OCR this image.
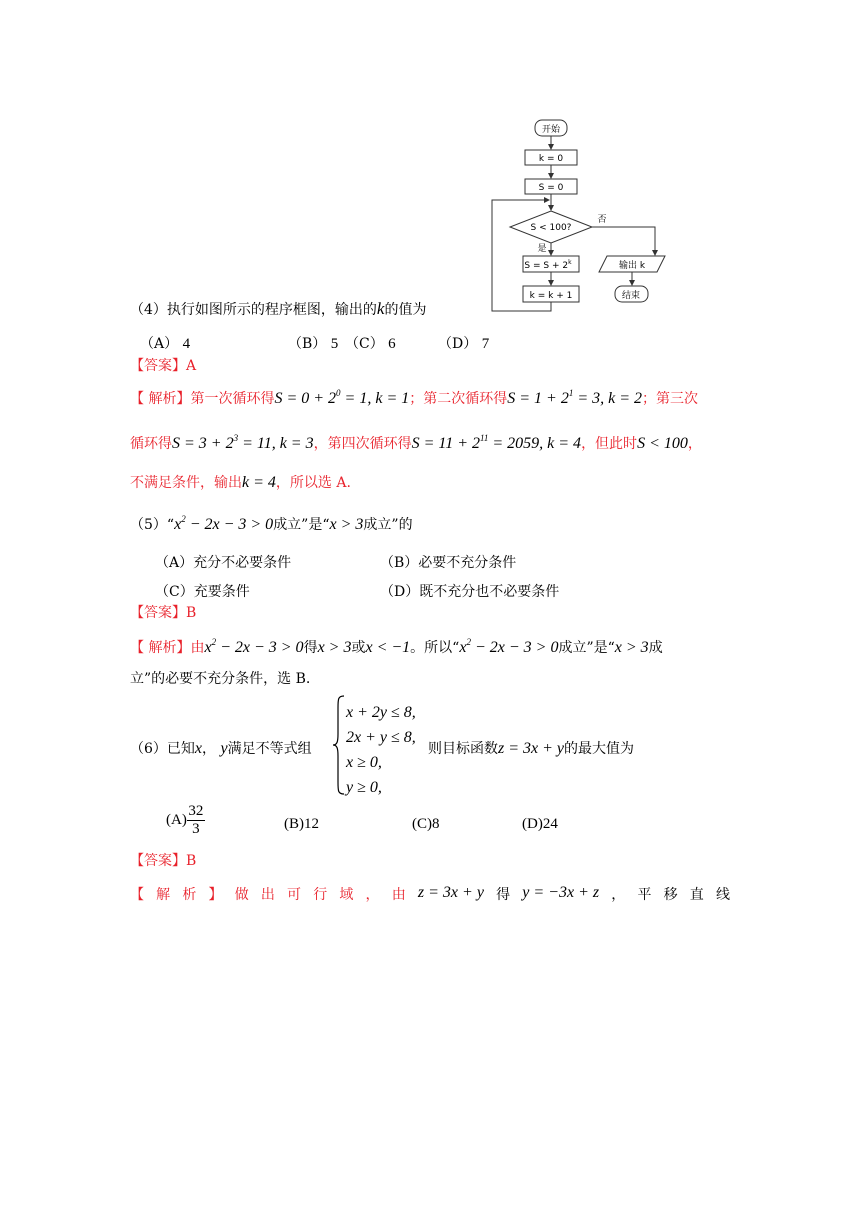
开始
k = 0
S = 0
S < 100?
否
是
$S = S + 2^k$
k = k + 1
输出 k
结束
（4）执行如图所示的程序框图，输出的k的值为
（A） 4	（B） 5 （C） 6	（D） 7
【答案】A
【 解析】第一次循环得$S = 0 + 2^0 = 1$, k = 1；第二次循环得$S = 1 + 2^1 = 3$, k = 2；第三次
循环得$S = 3 + 2^3 = 11$, k = 3，第四次循环得$S = 11 + 2^{11} = 2059$, k = 4，但此时S < 100，
不满足条件，输出k = 4，所以选 A.
$(5)“x^2 - 2x - 3 > 0$成立”是“x > 3成立”的
（A）充分不必要条件	（B）必要不充分条件
（C）充要条件	（D）既不充分也不必要条件
【答案】B
【 解析】由$x^2 - 2x - 3 > 0$得x > 3或x < −1。所以“$x^2 - 2x - 3 > 0$成立”是“x > 3成
立”的必要不充分条件，选 B.
（6）已知x， y满足不等式组
x + 2y ≤ 8,
2x + y ≤ 8,
x ≥ 0,
y ≥ 0,
则目标函数z = 3x + y的最大值为
$(A) \frac{32}{3}$	(B)12	(C)8	(D)24
【答案】B
【 解 析 】 做 出 可 行 域 ， 由 z = 3x + y 得 y = −3x + z ， 平 移 直 线
